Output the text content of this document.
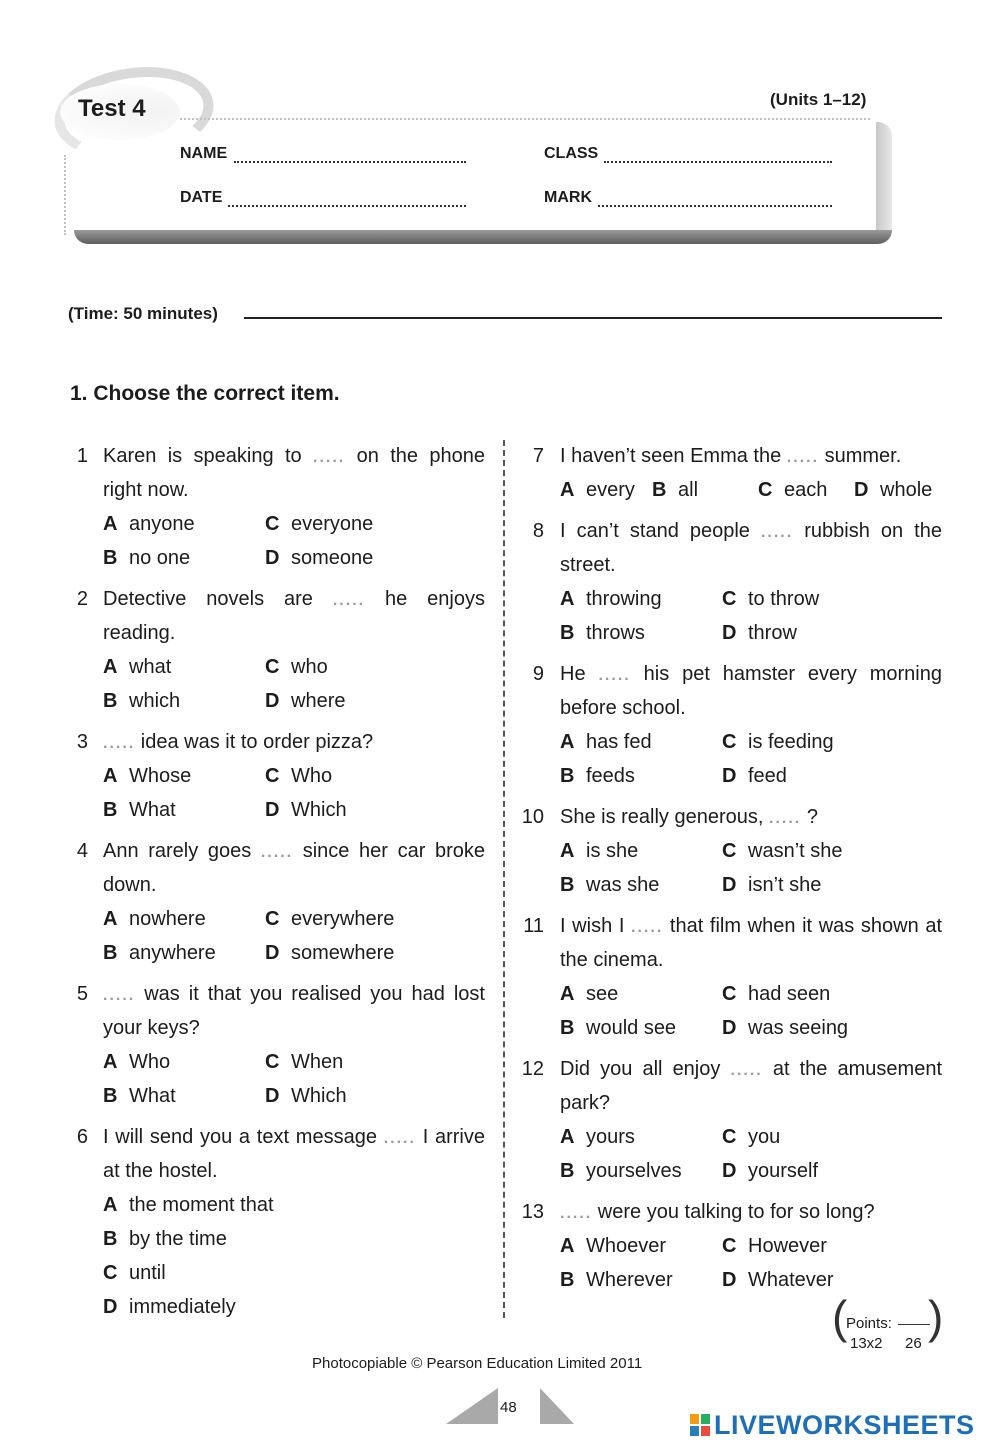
Test 4	(Units 1–12)
NAME	CLASS
DATE	MARK
(Time: 50 minutes)
1. Choose the correct item.
1 Karen is speaking to ..... on the phone
right now.
A anyone	C everyone
B no one	D someone
2 Detective novels are ..... he enjoys
reading.
A what	C who
B which	D where
3 ..... idea was it to order pizza?
A Whose	C Who
B What	D Which
4 Ann rarely goes ..... since her car broke
down.
A nowhere	C everywhere
B anywhere D somewhere
5 ..... was it that you realised you had lost
your keys?
A Who	C When
B What	D Which
6 I will send you a text message ..... I arrive
at the hostel.
A the moment that
B by the time
C until
D immediately
7 I haven’t seen Emma the ..... summer.
A every B all	C each D whole
8 I can’t stand people ..... rubbish on the
street.
A throwing	C to throw
B throws	D throw
9 He ..... his pet hamster every morning
before school.
A has fed	C is feeding
B feeds	D feed
10 She is really generous, ..... ?
A is she	C wasn’t she
B was she	D isn’t she
11 I wish I ..... that film when it was shown at
the cinema.
A see	C had seen
B would see D was seeing
12 Did you all enjoy ..... at the amusement
park?
A yours	C you
B yourselves D yourself
13 ..... were you talking to for so long?
A Whoever	C However
B Wherever D Whatever
( )
Points:
13x2 26
Photocopiable © Pearson Education Limited 2011
48
LIVEWORKSHEETS
